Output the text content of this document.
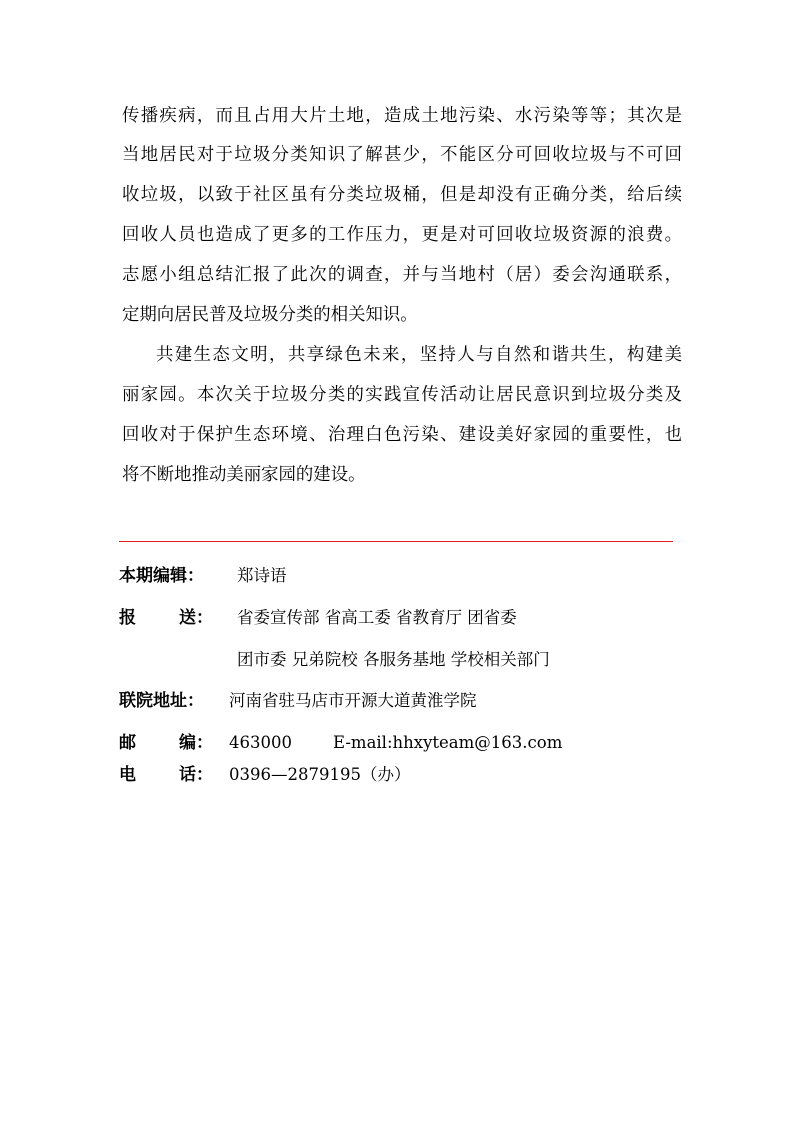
传播疾病，而且占用大片土地，造成土地污染、水污染等等；其次是
当地居民对于垃圾分类知识了解甚少，不能区分可回收垃圾与不可回
收垃圾，以致于社区虽有分类垃圾桶，但是却没有正确分类，给后续
回收人员也造成了更多的工作压力，更是对可回收垃圾资源的浪费。
志愿小组总结汇报了此次的调查，并与当地村（居）委会沟通联系，
定期向居民普及垃圾分类的相关知识。
共建生态文明，共享绿色未来，坚持人与自然和谐共生，构建美
丽家园。本次关于垃圾分类的实践宣传活动让居民意识到垃圾分类及
回收对于保护生态环境、治理白色污染、建设美好家园的重要性，也
将不断地推动美丽家园的建设。
本期编辑： 郑诗语
报	送： 省委宣传部 省高工委 省教育厅 团省委
团市委 兄弟院校 各服务基地 学校相关部门
联院地址： 河南省驻马店市开源大道黄淮学院
邮	编： 463000 E-mail:hhxyteam@163.com
电	话： 0396—2879195（办）
